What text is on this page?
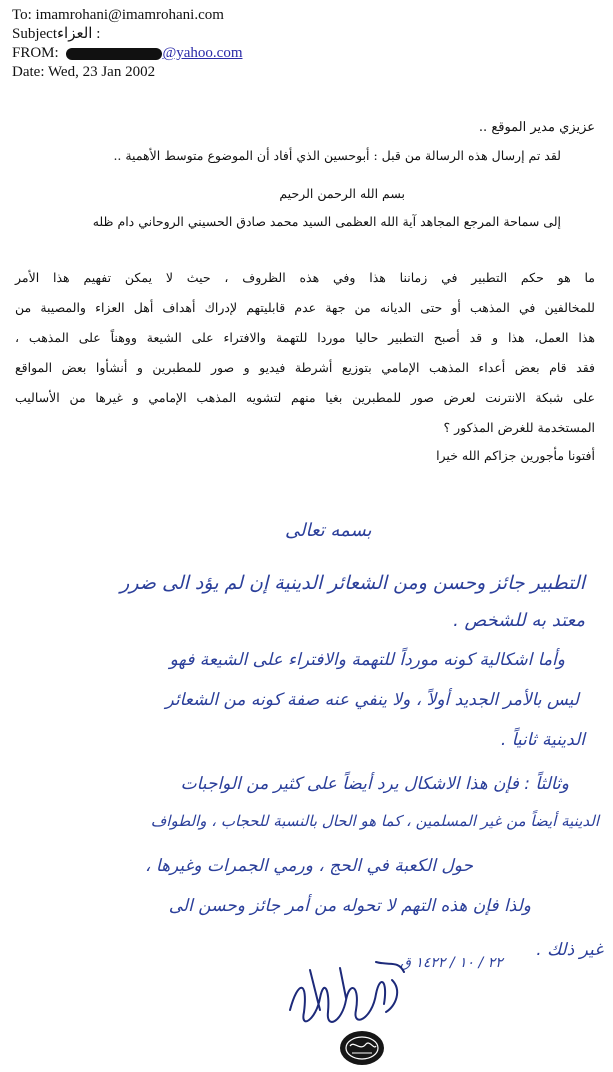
To: imamrohani@imamrohani.com
Subjectالعزاء :
FROM:	@yahoo.com
Date: Wed, 23 Jan 2002
عزيزي مدير الموقع ..
لقد تم إرسال هذه الرسالة من قبل : أبوحسين الذي أفاد أن الموضوع متوسط الأهمية ..
بسم الله الرحمن الرحيم
إلى سماحة المرجع المجاهد آية الله العظمى السيد محمد صادق الحسيني الروحاني دام ظله
ما هو حكم التطبير في زماننا هذا وفي هذه الظروف ، حيث لا يمكن تفهيم هذا الأمر
للمخالفين في المذهب أو حتى الديانه من جهة عدم قابليتهم لإدراك أهداف أهل العزاء والمصيبة من
هذا العمل، هذا و قد أصبح التطبير حاليا موردا للتهمة والافتراء على الشيعة ووهناً على المذهب ،
فقد قام بعض أعداء المذهب الإمامي بتوزيع أشرطة فيديو و صور للمطبرين و أنشأوا بعض المواقع
على شبكة الانترنت لعرض صور للمطبرين بغيا منهم لتشويه المذهب الإمامي و غيرها من الأساليب
المستخدمة للغرض المذكور ؟
أفتونا مأجورين جزاكم الله خيرا
بسمه تعالى
التطبير جائز وحسن ومن الشعائر الدينية إن لم يؤد الى ضرر
معتد به للشخص .
وأما اشكالية كونه مورداً للتهمة والافتراء على الشيعة فهو
ليس بالأمر الجديد أولاً ، ولا ينفي عنه صفة كونه من الشعائر
الدينية ثانياً .
وثالثاً : فإن هذا الاشكال يرد أيضاً على كثير من الواجبات
الدينية أيضاً من غير المسلمين ، كما هو الحال بالنسبة للحجاب ، والطواف
حول الكعبة في الحج ، ورمي الجمرات وغيرها ،
ولذا فإن هذه التهم لا تحوله من أمر جائز وحسن الى
غير ذلك .
٢٢ / ١٠ / ١٤٢٢ ق
